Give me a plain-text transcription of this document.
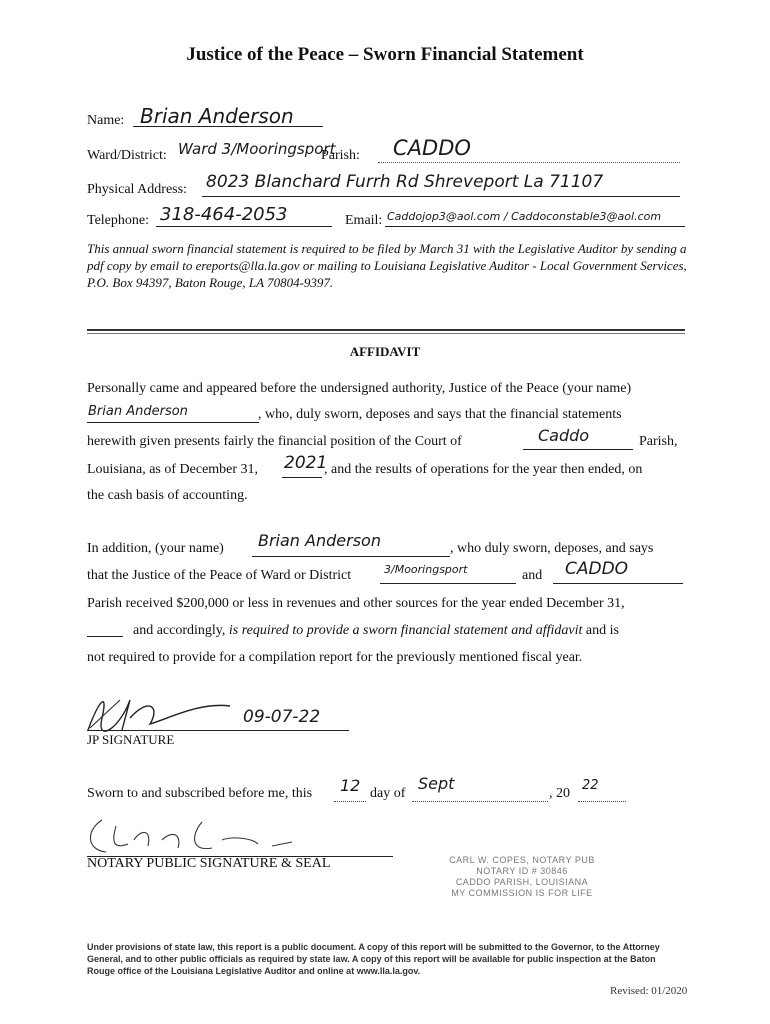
Justice of the Peace – Sworn Financial Statement
Name: Brian Anderson
Ward/District: Ward 3/Mooringsport
Parish: CADDO
Physical Address: 8023 Blanchard Furrh Rd Shreveport La 71107
Telephone: 318-464-2053	Email: Caddojop3@aol.com / Caddoconstable3@aol.com
This annual sworn financial statement is required to be filed by March 31 with the Legislative Auditor by sending a pdf copy by email to ereports@lla.la.gov or mailing to Louisiana Legislative Auditor - Local Government Services, P.O. Box 94397, Baton Rouge, LA 70804-9397.
AFFIDAVIT
Personally came and appeared before the undersigned authority, Justice of the Peace (your name)
Brian Anderson	, who, duly sworn, deposes and says that the financial statements
herewith given presents fairly the financial position of the Court of	Caddo	Parish,
Louisiana, as of December 31, 2021
, and the results of operations for the year then ended, on
the cash basis of accounting.
In addition, (your name) Brian Anderson	, who duly sworn, deposes, and says
that the Justice of the Peace of Ward or District	3/Mooringsport	and CADDO
Parish received $200,000 or less in revenues and other sources for the year ended December 31,
and accordingly, is required to provide a sworn financial statement and affidavit and is
not required to provide for a compilation report for the previously mentioned fiscal year.
09-07-22
JP SIGNATURE
Sworn to and subscribed before me, this 12 day of
Sept
, 20
22
NOTARY PUBLIC SIGNATURE & SEAL	CARL W. COPES, NOTARY PUB
NOTARY ID # 30846
CADDO PARISH, LOUISIANA
MY COMMISSION IS FOR LIFE
Under provisions of state law, this report is a public document. A copy of this report will be submitted to the Governor, to the Attorney General, and to other public officials as required by state law. A copy of this report will be available for public inspection at the Baton Rouge office of the Louisiana Legislative Auditor and online at www.lla.la.gov.
Revised: 01/2020
